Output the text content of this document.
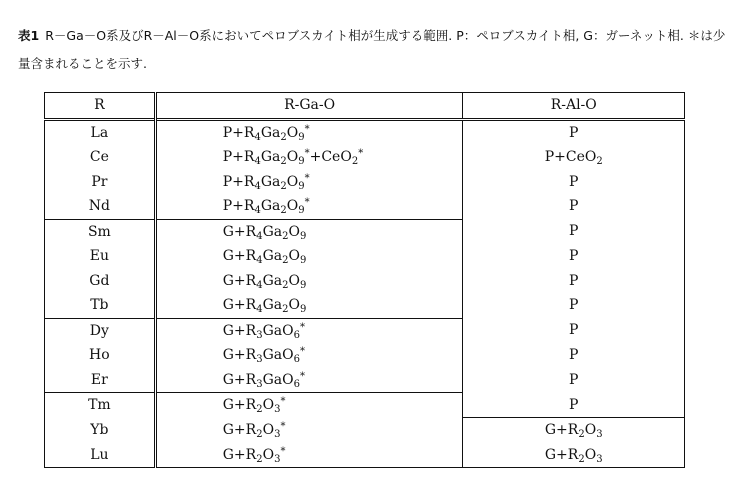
表1 R－Ga－O系及びR－Al－O系においてペロブスカイト相が生成する範囲. P：ペロブスカイト相, G：ガーネット相. ＊は少量含まれることを示す.
R	R-Ga-O	R-Al-O
La	$P+R_4Ga_2O_9^*$	P
Ce	$P+R_4Ga_2O_9^*+CeO_2^*$	P+CeO$_2$
Pr	$P+R_4Ga_2O_9^*$	P
Nd	$P+R_4Ga_2O_9^*$	P
Sm	$G+R_4Ga_2O_9$	P
Eu	$G+R_4Ga_2O_9$	P
Gd	$G+R_4Ga_2O_9$	P
Tb	$G+R_4Ga_2O_9$	P
Dy	$G+R_3GaO_6^*$	P
Ho	$G+R_3GaO_6^*$	P
Er	$G+R_3GaO_6^*$	P
Tm	$G+R_2O_3^*$	P
Yb	$G+R_2O_3^*$	$G+R_2O_3$
Lu	$G+R_2O_3^*$	$G+R_2O_3$
